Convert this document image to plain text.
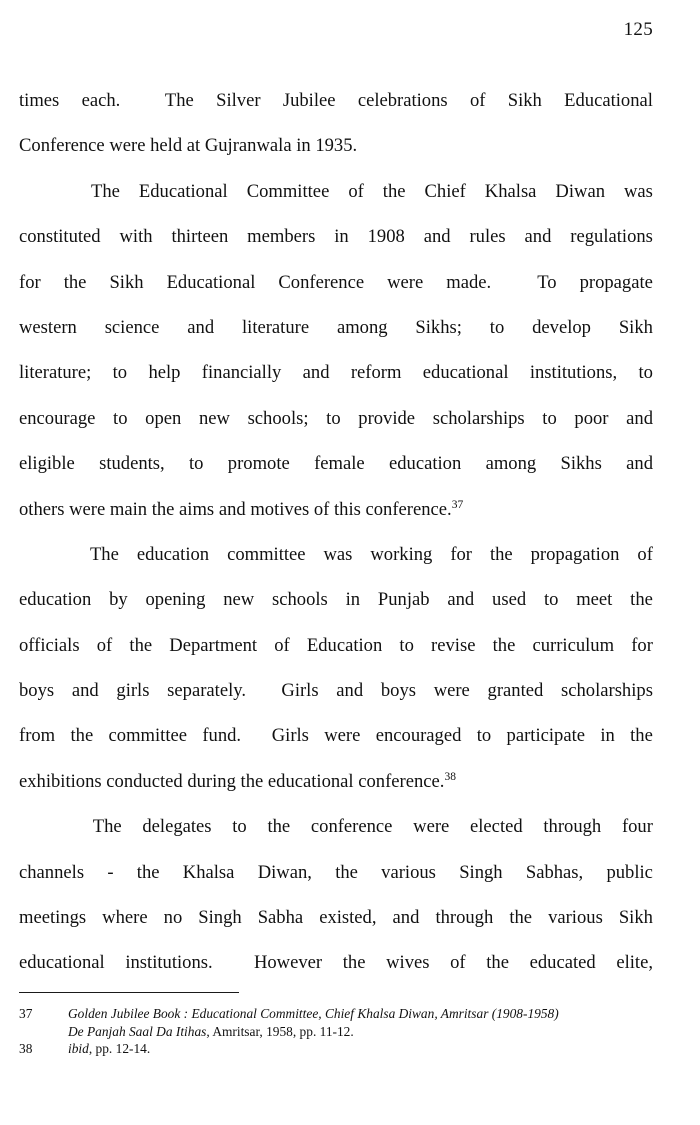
125
times each. The Silver Jubilee celebrations of Sikh Educational
Conference were held at Gujranwala in 1935.
The Educational Committee of the Chief Khalsa Diwan was
constituted with thirteen members in 1908 and rules and regulations
for the Sikh Educational Conference were made. To propagate
western science and literature among Sikhs; to develop Sikh
literature; to help financially and reform educational institutions, to
encourage to open new schools; to provide scholarships to poor and
eligible students, to promote female education among Sikhs and
others were main the aims and motives of this conference.$^{37}$
The education committee was working for the propagation of
education by opening new schools in Punjab and used to meet the
officials of the Department of Education to revise the curriculum for
boys and girls separately. Girls and boys were granted scholarships
from the committee fund. Girls were encouraged to participate in the
exhibitions conducted during the educational conference.$^{38}$
The delegates to the conference were elected through four
channels - the Khalsa Diwan, the various Singh Sabhas, public
meetings where no Singh Sabha existed, and through the various Sikh
educational institutions. However the wives of the educated elite,
37	Golden Jubilee Book : Educational Committee, Chief Khalsa Diwan, Amritsar (1908-1958)
De Panjah Saal Da Itihas, Amritsar, 1958, pp. 11-12.
38	ibid, pp. 12-14.
